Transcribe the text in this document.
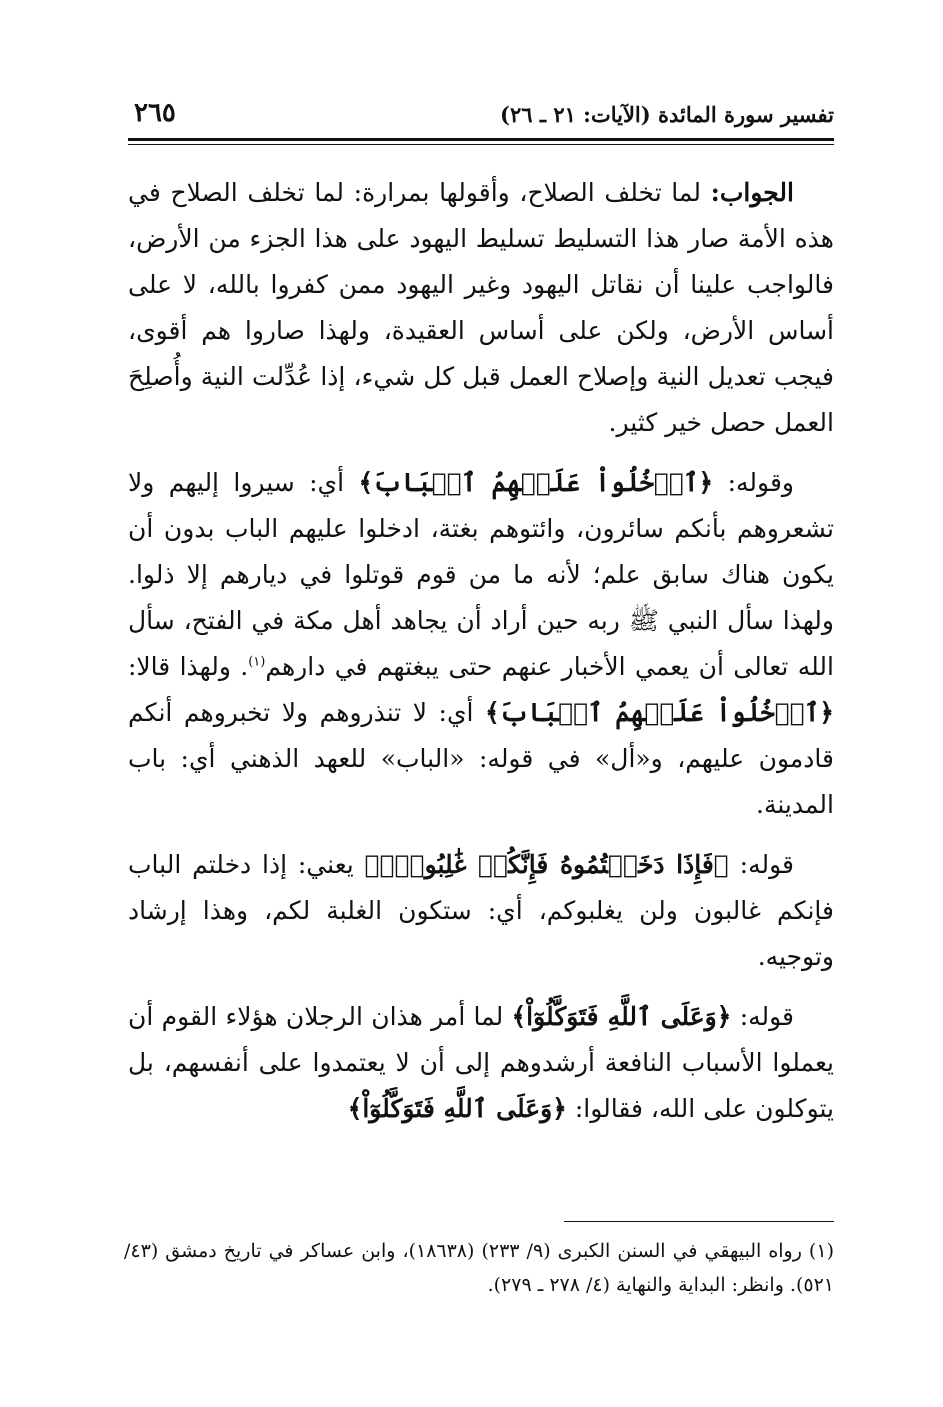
تفسير سورة المائدة (الآيات: ٢١ ـ ٢٦)
٢٦٥

الجواب: لما تخلف الصلاح، وأقولها بمرارة: لما تخلف الصلاح في هذه الأمة صار هذا التسليط تسليط اليهود على هذا الجزء من الأرض، فالواجب علينا أن نقاتل اليهود وغير اليهود ممن كفروا بالله، لا على أساس الأرض، ولكن على أساس العقيدة، ولهذا صاروا هم أقوى، فيجب تعديل النية وإصلاح العمل قبل كل شيء، إذا عُدِّلت النية وأُصلِحَ العمل حصل خير كثير.

وقوله: ﴿ٱدۡخُلُواْ عَلَيۡهِمُ ٱلۡبَابَ﴾ أي: سيروا إليهم ولا تشعروهم بأنكم سائرون، وائتوهم بغتة، ادخلوا عليهم الباب بدون أن يكون هناك سابق علم؛ لأنه ما من قوم قوتلوا في ديارهم إلا ذلوا. ولهذا سأل النبي ﷺ ربه حين أراد أن يجاهد أهل مكة في الفتح، سأل الله تعالى أن يعمي الأخبار عنهم حتى يبغتهم في دارهم$^{(١)}$. ولهذا قالا: ﴿ٱدۡخُلُواْ عَلَيۡهِمُ ٱلۡبَابَ﴾ أي: لا تنذروهم ولا تخبروهم أنكم قادمون عليهم، و«أل» في قوله: «الباب» للعهد الذهني أي: باب المدينة.

قوله: ﴿فَإِذَا دَخَلۡتُمُوهُ فَإِنَّكُمۡ غَٰلِبُونَۚ﴾ يعني: إذا دخلتم الباب فإنكم غالبون ولن يغلبوكم، أي: ستكون الغلبة لكم، وهذا إرشاد وتوجيه.

قوله: ﴿وَعَلَى ٱللَّهِ فَتَوَكَّلُوٓاْ﴾ لما أمر هذان الرجلان هؤلاء القوم أن يعملوا الأسباب النافعة أرشدوهم إلى أن لا يعتمدوا على أنفسهم، بل يتوكلون على الله، فقالوا: ﴿وَعَلَى ٱللَّهِ فَتَوَكَّلُوٓاْ﴾

(١) رواه البيهقي في السنن الكبرى (٩/ ٢٣٣) (١٨٦٣٨)، وابن عساكر في تاريخ دمشق (٤٣/ ٥٢١). وانظر: البداية والنهاية (٤/ ٢٧٨ ـ ٢٧٩).
